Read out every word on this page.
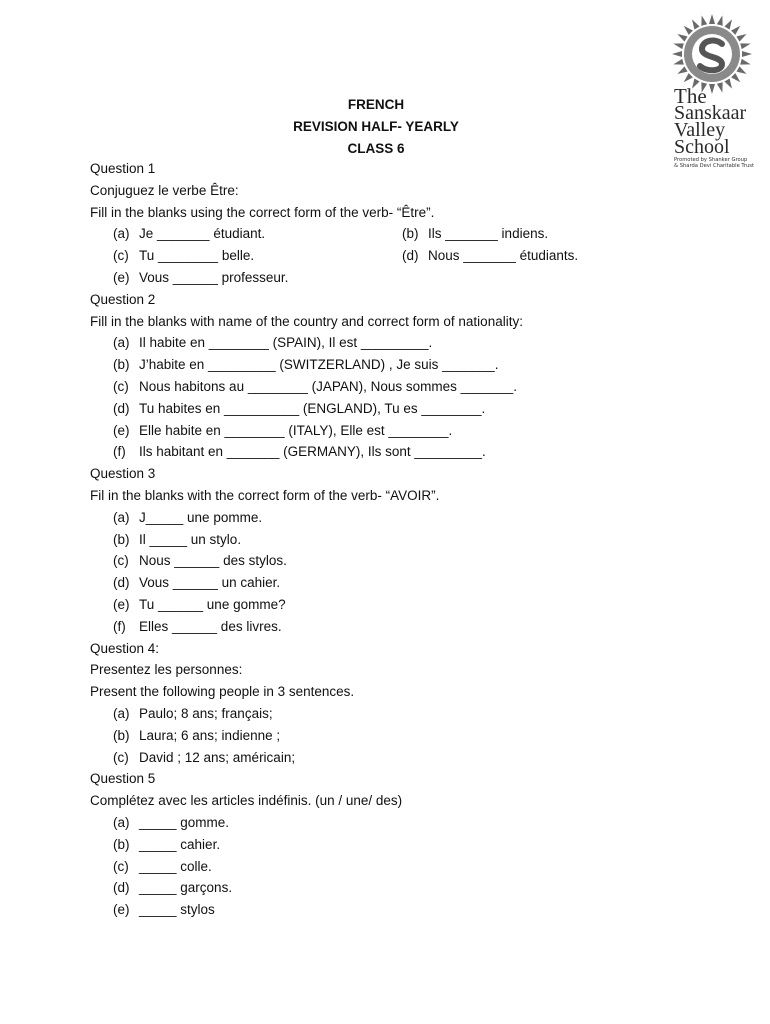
The
Sanskaar
Valley
School
Promoted by Shanker Group
& Sharda Devi Charitable Trust
FRENCH
REVISION HALF- YEARLY
CLASS 6
Question 1
Conjuguez le verbe Être:
Fill in the blanks using the correct form of the verb- “Être”.
(a) Je _______ étudiant.	(b) Ils _______ indiens.
(c) Tu ________ belle.	(d) Nous _______ étudiants.
(e) Vous ______ professeur.
Question 2
Fill in the blanks with name of the country and correct form of nationality:
(a) Il habite en ________ (SPAIN), Il est _________.
(b) J’habite en _________ (SWITZERLAND) , Je suis _______.
(c) Nous habitons au ________ (JAPAN), Nous sommes _______.
(d) Tu habites en __________ (ENGLAND), Tu es ________.
(e) Elle habite en ________ (ITALY), Elle est ________.
(f) Ils habitant en _______ (GERMANY), Ils sont _________.
Question 3
Fil in the blanks with the correct form of the verb- “AVOIR”.
(a) J_____ une pomme.
(b) Il _____ un stylo.
(c) Nous ______ des stylos.
(d) Vous ______ un cahier.
(e) Tu ______ une gomme?
(f) Elles ______ des livres.
Question 4:
Presentez les personnes:
Present the following people in 3 sentences.
(a) Paulo; 8 ans; français;
(b) Laura; 6 ans; indienne ;
(c) David ; 12 ans; américain;
Question 5
Complétez avec les articles indéfinis. (un / une/ des)
(a) _____ gomme.
(b) _____ cahier.
(c) _____ colle.
(d) _____ garçons.
(e) _____ stylos
